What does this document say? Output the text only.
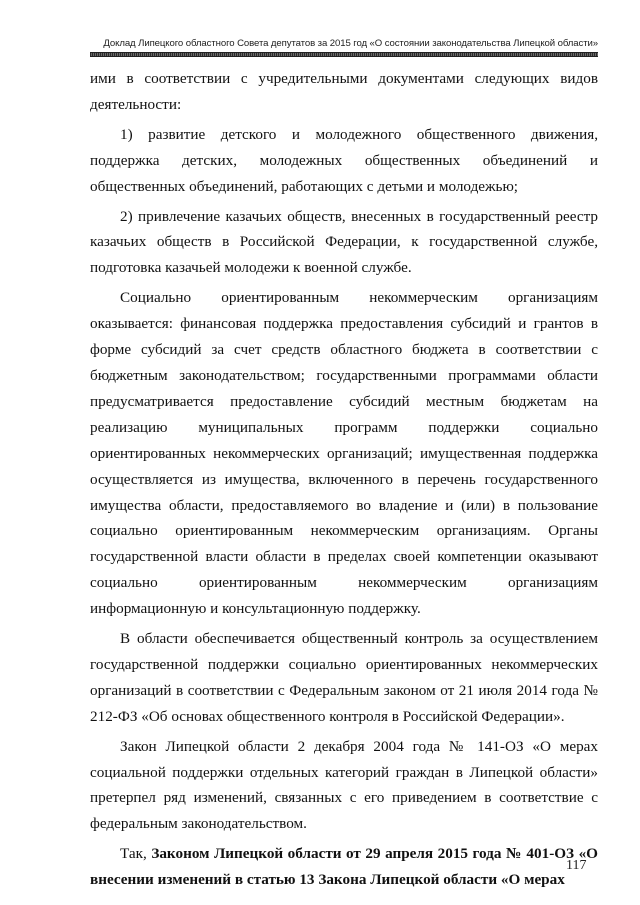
Доклад Липецкого областного Совета депутатов за 2015 год «О состоянии законодательства Липецкой области»

ими в соответствии с учредительными документами следующих видов деятельности:

1) развитие детского и молодежного общественного движения, поддержка детских, молодежных общественных объединений и общественных объединений, работающих с детьми и молодежью;

2) привлечение казачьих обществ, внесенных в государственный реестр казачьих обществ в Российской Федерации, к государственной службе, подготовка казачьей молодежи к военной службе.

Социально ориентированным некоммерческим организациям оказывается: финансовая поддержка предоставления субсидий и грантов в форме субсидий за счет средств областного бюджета в соответствии с бюджетным законодательством; государственными программами области предусматривается предоставление субсидий местным бюджетам на реализацию муниципальных программ поддержки социально ориентированных некоммерческих организаций; имущественная поддержка осуществляется из имущества, включенного в перечень государственного имущества области, предоставляемого во владение и (или) в пользование социально ориентированным некоммерческим организациям. Органы государственной власти области в пределах своей компетенции оказывают социально ориентированным некоммерческим организациям информационную и консультационную поддержку.

В области обеспечивается общественный контроль за осуществлением государственной поддержки социально ориентированных некоммерческих организаций в соответствии с Федеральным законом от 21 июля 2014 года № 212-ФЗ «Об основах общественного контроля в Российской Федерации».

Закон Липецкой области 2 декабря 2004 года № 141-ОЗ «О мерах социальной поддержки отдельных категорий граждан в Липецкой области» претерпел ряд изменений, связанных с его приведением в соответствие с федеральным законодательством.

Так, Законом Липецкой области от 29 апреля 2015 года № 401-ОЗ «О внесении изменений в статью 13 Закона Липецкой области «О мерах

117
